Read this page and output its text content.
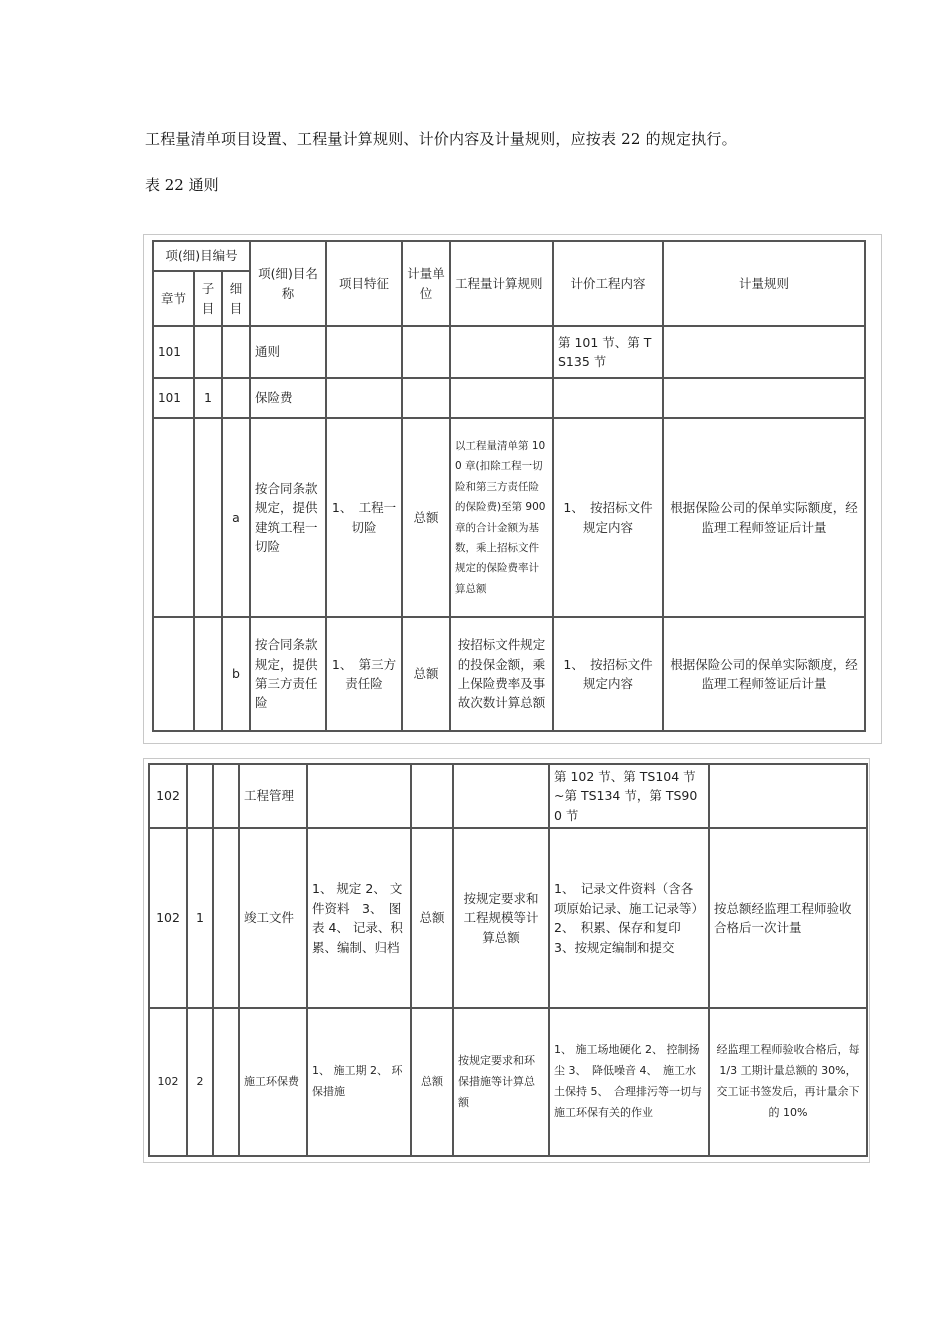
工程量清单项目设置、工程量计算规则、计价内容及计量规则，应按表 22 的规定执行。
表 22 通则
项(细)目编号			项(细)目名称	项目特征	计量单位	工程量计算规则	计价工程内容	计量规则
章节	子目	细目						
101			通则				第 101 节、第 TS135 节	
101	1		保险费					
		a	按合同条款规定，提供建筑工程一切险	1、　工程一切险	总额	以工程量清单第 100 章(扣除工程一切险和第三方责任险的保险费)至第 900 章的合计金额为基数，乘上招标文件规定的保险费率计算总额	1、　按招标文件规定内容	根据保险公司的保单实际额度，经监理工程师签证后计量
		b	按合同条款规定，提供第三方责任险	1、　第三方责任险	总额	按招标文件规定的投保金额，乘上保险费率及事故次数计算总额	1、　按招标文件规定内容	根据保险公司的保单实际额度，经监理工程师签证后计量
102			工程管理				第 102 节、第 TS104 节~第 TS134 节，第 TS900 节	
102	1		竣工文件	1、 规定 2、 文件资料　3、　图表 4、 记录、积累、编制、归档	总额	按规定要求和工程规模等计算总额	1、　记录文件资料（含各项原始记录、施工记录等）2、　积累、保存和复印 3、按规定编制和提交	按总额经监理工程师验收合格后一次计量
102	2		施工环保费	1、 施工期 2、 环保措施	总额	按规定要求和环保措施等计算总额	1、 施工场地硬化 2、 控制扬尘 3、　降低噪音 4、　施工水土保持 5、　合理排污等一切与施工环保有关的作业	经监理工程师验收合格后，每 1/3 工期计量总额的 30%，交工证书签发后，再计量余下的 10%
